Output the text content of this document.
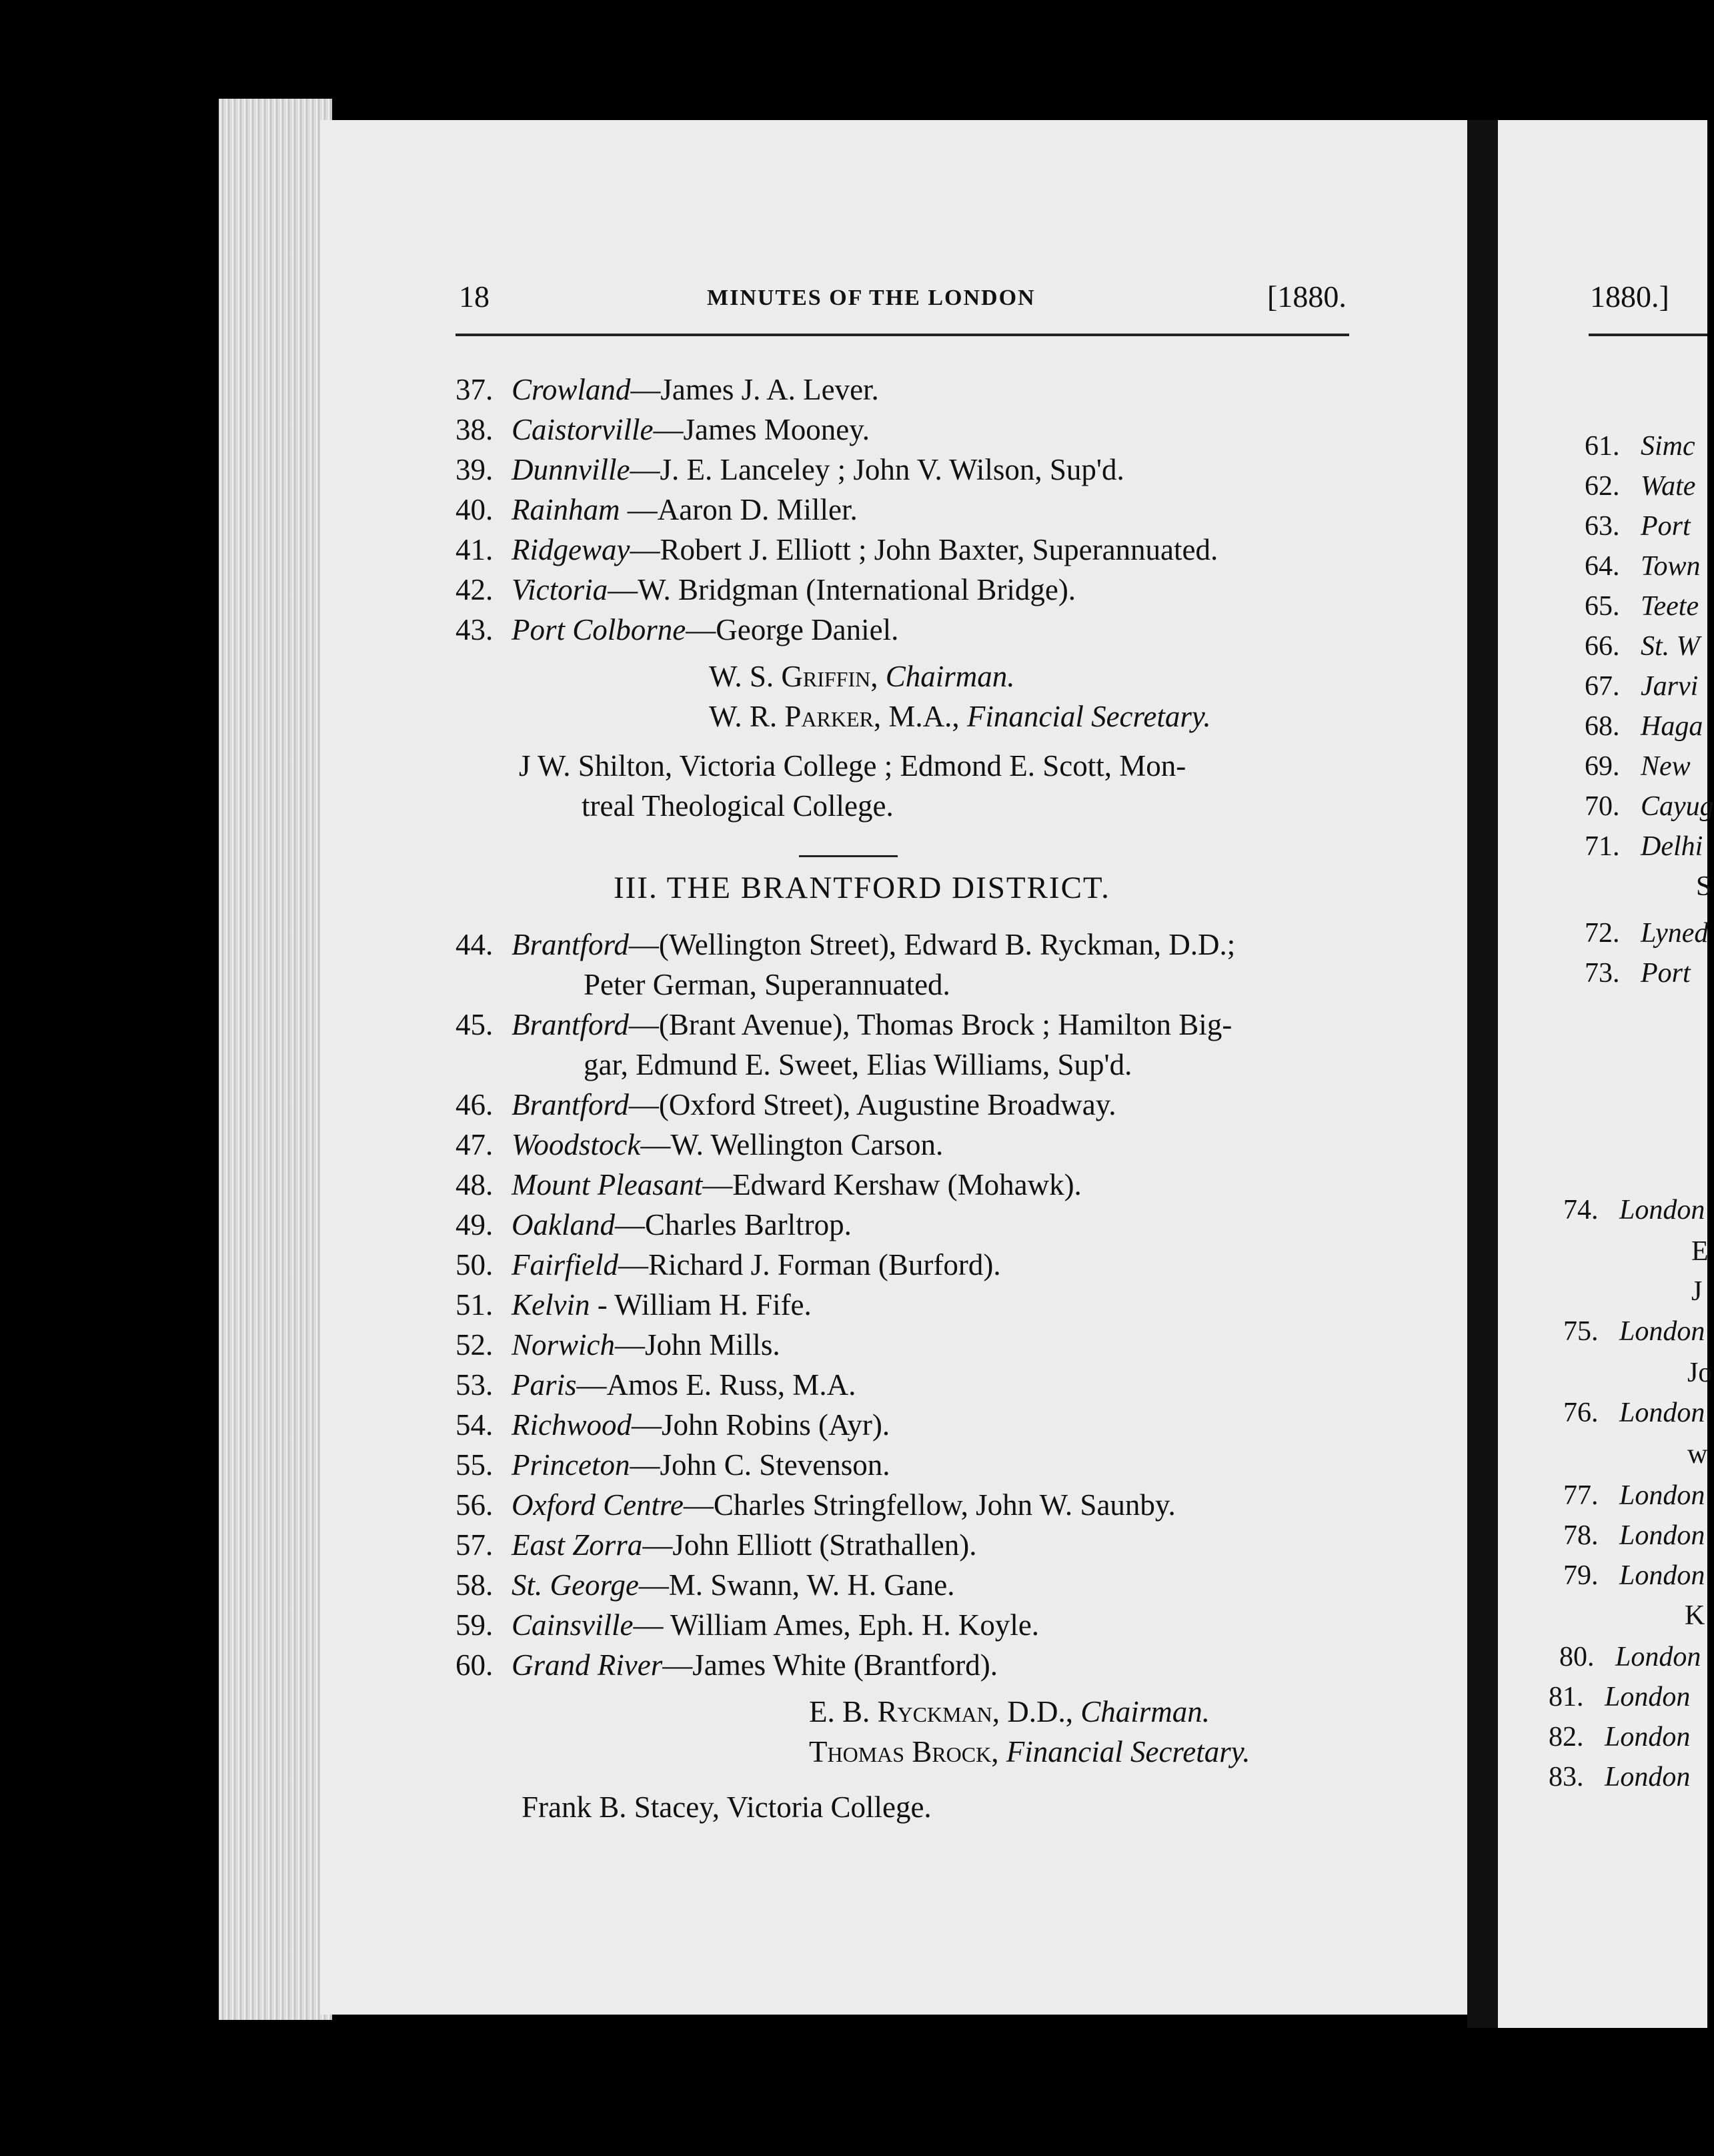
18	MINUTES OF THE LONDON	[1880.
37. Crowland—James J. A. Lever.
38. Caistorville—James Mooney.
39. Dunnville—J. E. Lanceley ; John V. Wilson, Sup'd.
40. Rainham —Aaron D. Miller.
41. Ridgeway—Robert J. Elliott ; John Baxter, Superannuated.
42. Victoria—W. Bridgman (International Bridge).
43. Port Colborne—George Daniel.
W. S. Griffin, Chairman.
W. R. Parker, M.A., Financial Secretary.
J W. Shilton, Victoria College ; Edmond E. Scott, Mon-
treal Theological College.
III. THE BRANTFORD DISTRICT.
44. Brantford—(Wellington Street), Edward B. Ryckman, D.D.;
Peter German, Superannuated.
45. Brantford—(Brant Avenue), Thomas Brock ; Hamilton Big-
gar, Edmund E. Sweet, Elias Williams, Sup'd.
46. Brantford—(Oxford Street), Augustine Broadway.
47. Woodstock—W. Wellington Carson.
48. Mount Pleasant—Edward Kershaw (Mohawk).
49. Oakland—Charles Barltrop.
50. Fairfield—Richard J. Forman (Burford).
51. Kelvin - William H. Fife.
52. Norwich—John Mills.
53. Paris—Amos E. Russ, M.A.
54. Richwood—John Robins (Ayr).
55. Princeton—John C. Stevenson.
56. Oxford Centre—Charles Stringfellow, John W. Saunby.
57. East Zorra—John Elliott (Strathallen).
58. St. George—M. Swann, W. H. Gane.
59. Cainsville— William Ames, Eph. H. Koyle.
60. Grand River—James White (Brantford).
E. B. Ryckman, D.D., Chairman.
Thomas Brock, Financial Secretary.
Frank B. Stacey, Victoria College.
1880.]
61. Simc
62. Wate
63. Port
64. Town
65. Teete
66. St. W
67. Jarvi
68. Haga
69. New
70. Cayug
71. Delhi
S
72. Lyned
73. Port
74. London
E
J
75. London
Jo
76. London
w
77. London
78. London
79. London
K
80. London
81. London
82. London
83. London
